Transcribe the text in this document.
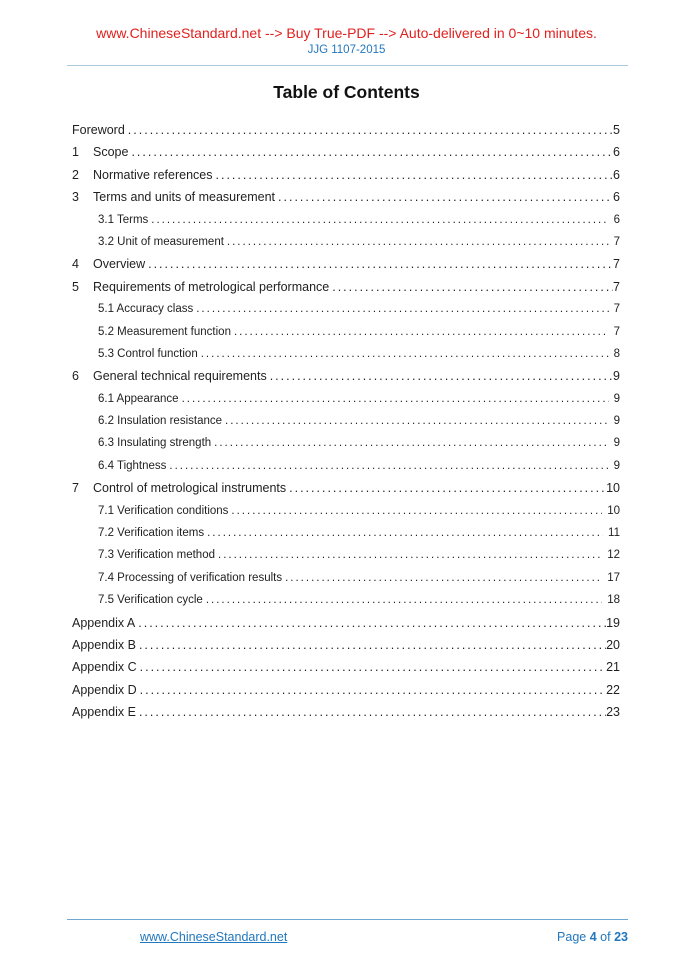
www.ChineseStandard.net --> Buy True-PDF --> Auto-delivered in 0~10 minutes.
JJG 1107-2015
Table of Contents
Foreword .....	5
1	Scope .....	6
2	Normative references .....	6
3	Terms and units of measurement .....	6
3.1 Terms .....	6
3.2 Unit of measurement .....	7
4	Overview .....	7
5	Requirements of metrological performance .....	7
5.1 Accuracy class .....	7
5.2 Measurement function .....	7
5.3 Control function .....	8
6	General technical requirements .....	9
6.1 Appearance .....	9
6.2 Insulation resistance .....	9
6.3 Insulating strength .....	9
6.4 Tightness .....	9
7	Control of metrological instruments .....	10
7.1 Verification conditions .....	10
7.2 Verification items .....	11
7.3 Verification method .....	12
7.4 Processing of verification results .....	17
7.5 Verification cycle .....	18
Appendix A .....	19
Appendix B .....	20
Appendix C .....	21
Appendix D .....	22
Appendix E .....	23
www.ChineseStandard.net	Page 4 of 23
